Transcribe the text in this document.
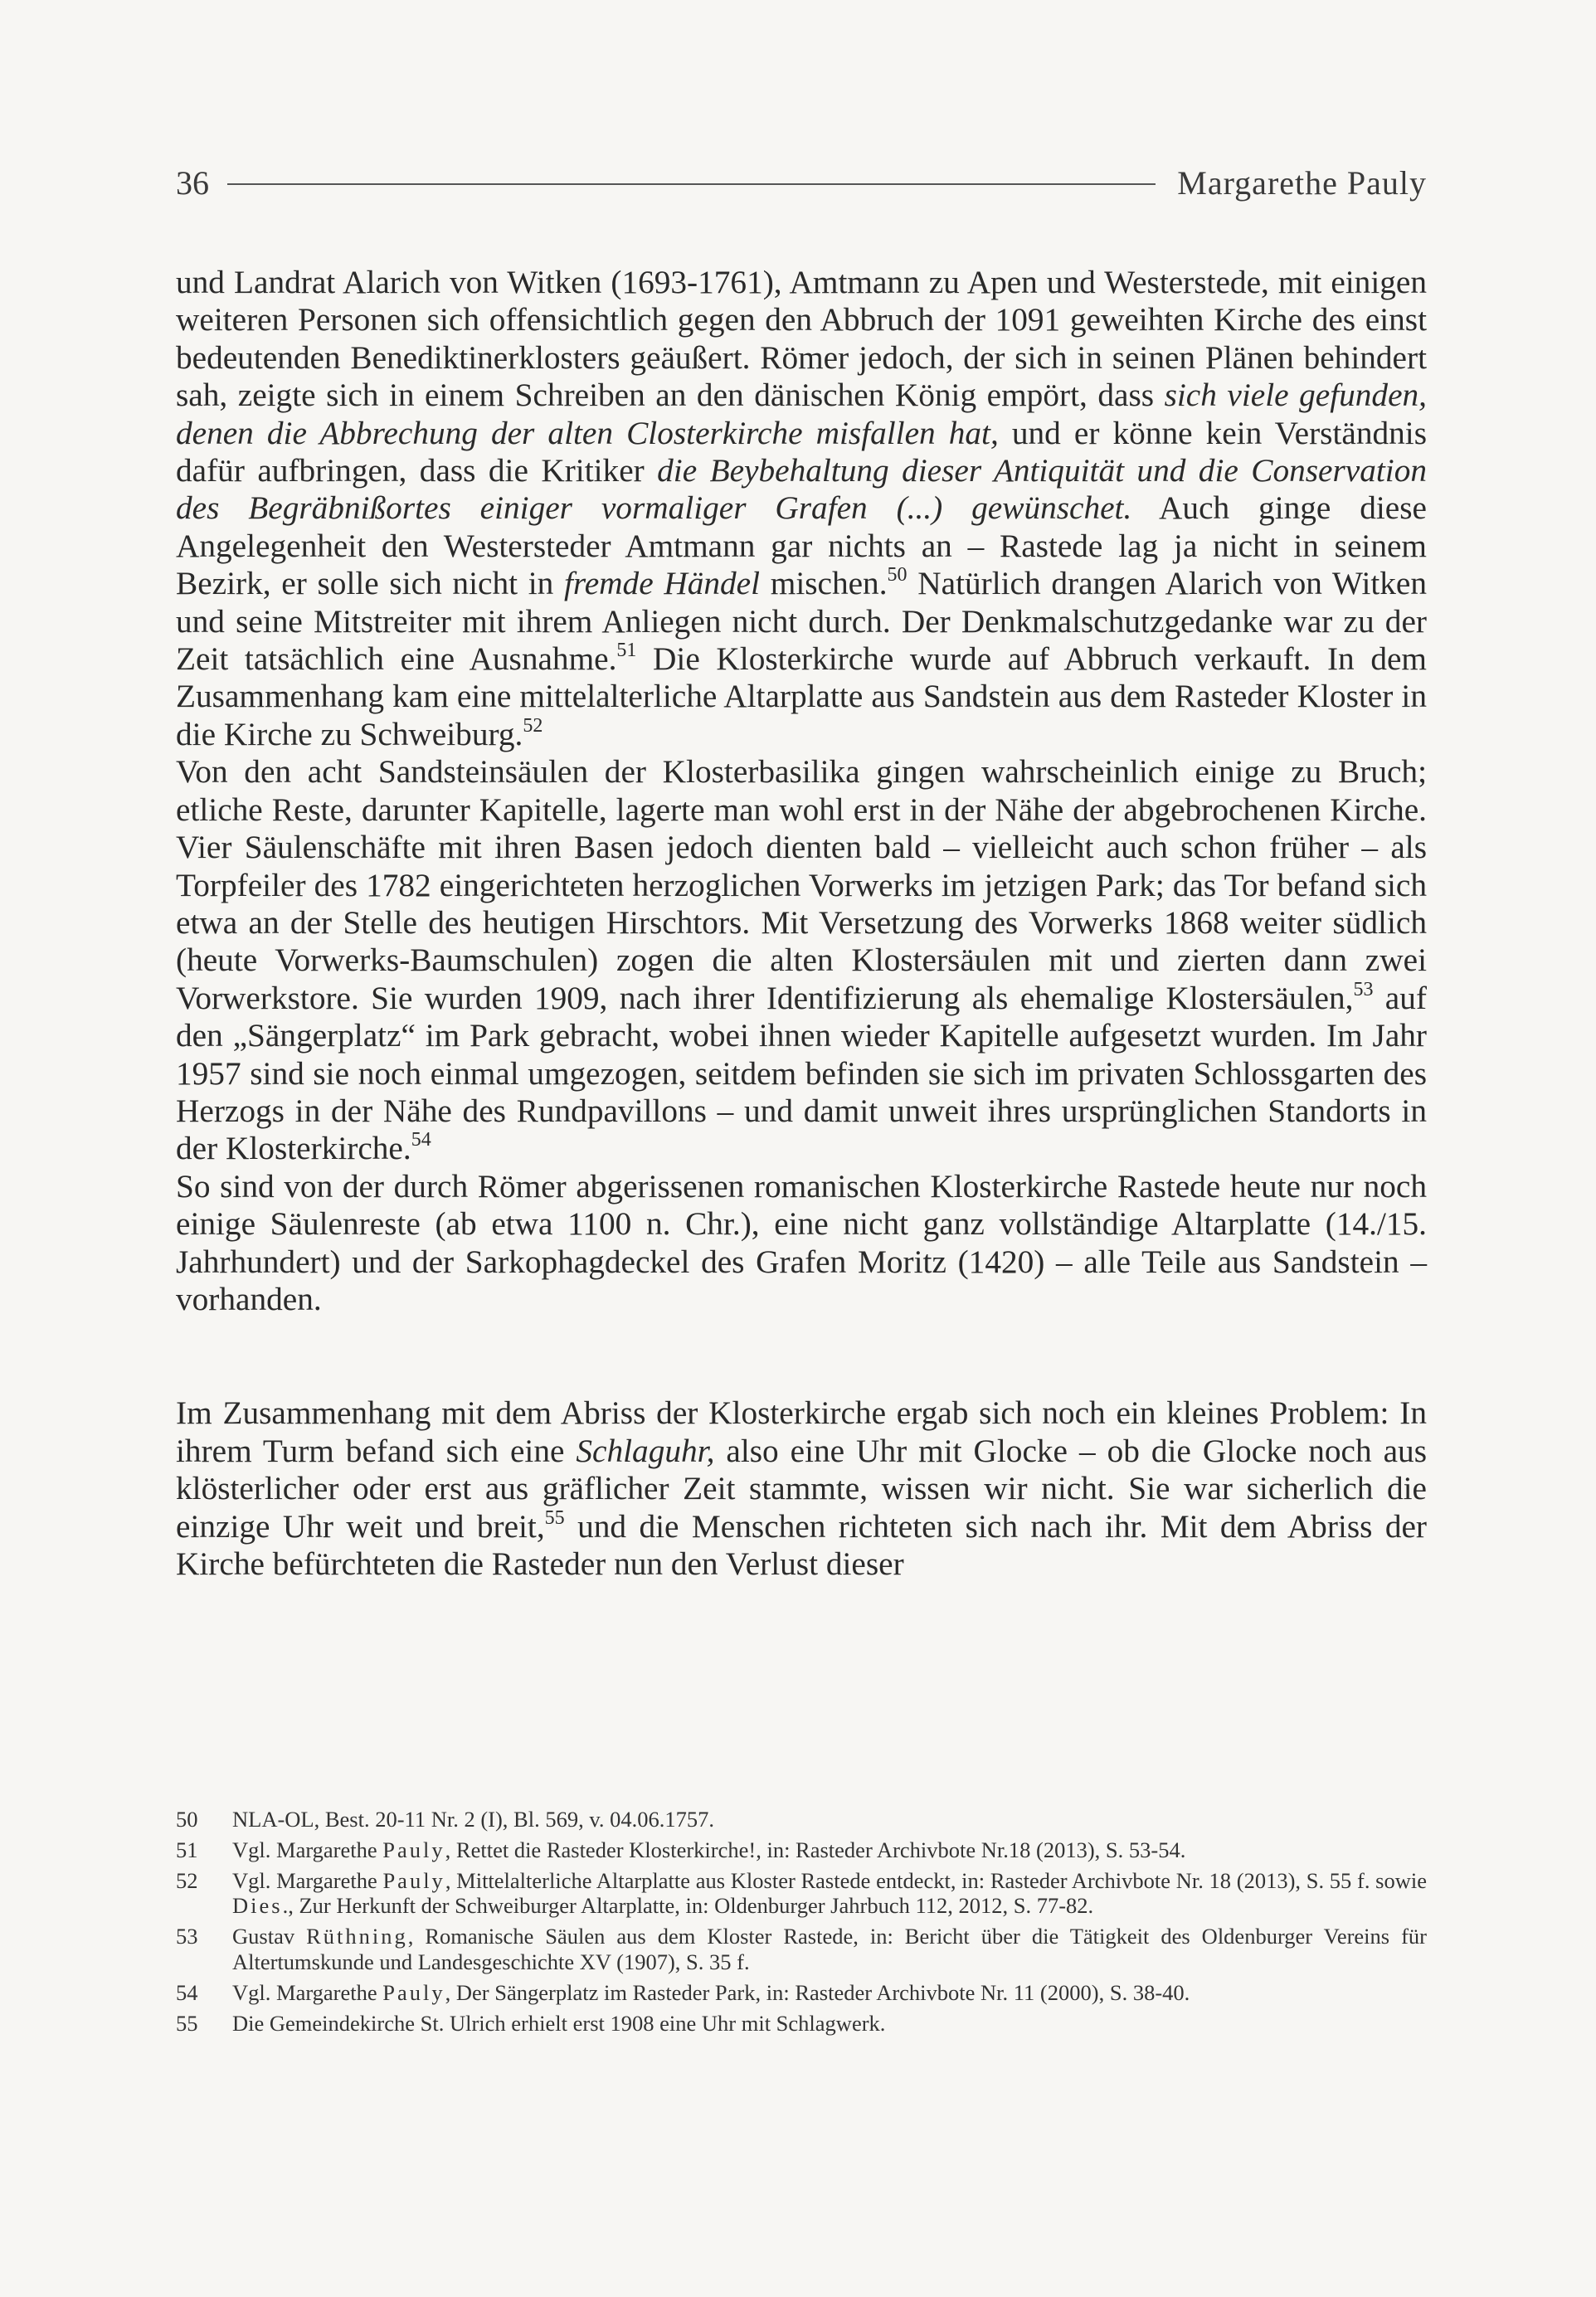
36	Margarethe Pauly

und Landrat Alarich von Witken (1693-1761), Amtmann zu Apen und Westerstede, mit einigen weiteren Personen sich offensichtlich gegen den Abbruch der 1091 geweihten Kirche des einst bedeutenden Benediktinerklosters geäußert. Römer jedoch, der sich in seinen Plänen behindert sah, zeigte sich in einem Schreiben an den dänischen König empört, dass sich viele gefunden, denen die Abbrechung der alten Closterkirche misfallen hat, und er könne kein Verständnis dafür aufbringen, dass die Kritiker die Beybehaltung dieser Antiquität und die Conservation des Begräbnißortes einiger vormaliger Grafen (...) gewünschet. Auch ginge diese Angelegenheit den Westersteder Amtmann gar nichts an – Rastede lag ja nicht in seinem Bezirk, er solle sich nicht in fremde Händel mischen.$^{50}$ Natürlich drangen Alarich von Witken und seine Mitstreiter mit ihrem Anliegen nicht durch. Der Denkmalschutzgedanke war zu der Zeit tatsächlich eine Ausnahme.$^{51}$ Die Klosterkirche wurde auf Abbruch verkauft. In dem Zusammenhang kam eine mittelalterliche Altarplatte aus Sandstein aus dem Rasteder Kloster in die Kirche zu Schweiburg.$^{52}$

Von den acht Sandsteinsäulen der Klosterbasilika gingen wahrscheinlich einige zu Bruch; etliche Reste, darunter Kapitelle, lagerte man wohl erst in der Nähe der abgebrochenen Kirche. Vier Säulenschäfte mit ihren Basen jedoch dienten bald – vielleicht auch schon früher – als Torpfeiler des 1782 eingerichteten herzoglichen Vorwerks im jetzigen Park; das Tor befand sich etwa an der Stelle des heutigen Hirschtors. Mit Versetzung des Vorwerks 1868 weiter südlich (heute Vorwerks-Baumschulen) zogen die alten Klostersäulen mit und zierten dann zwei Vorwerkstore. Sie wurden 1909, nach ihrer Identifizierung als ehemalige Klostersäulen,$^{53}$ auf den „Sängerplatz“ im Park gebracht, wobei ihnen wieder Kapitelle aufgesetzt wurden. Im Jahr 1957 sind sie noch einmal umgezogen, seitdem befinden sie sich im privaten Schlossgarten des Herzogs in der Nähe des Rundpavillons – und damit unweit ihres ursprünglichen Standorts in der Klosterkirche.$^{54}$

So sind von der durch Römer abgerissenen romanischen Klosterkirche Rastede heute nur noch einige Säulenreste (ab etwa 1100 n. Chr.), eine nicht ganz vollständige Altarplatte (14./15. Jahrhundert) und der Sarkophagdeckel des Grafen Moritz (1420) – alle Teile aus Sandstein – vorhanden.

Im Zusammenhang mit dem Abriss der Klosterkirche ergab sich noch ein kleines Problem: In ihrem Turm befand sich eine Schlaguhr, also eine Uhr mit Glocke – ob die Glocke noch aus klösterlicher oder erst aus gräflicher Zeit stammte, wissen wir nicht. Sie war sicherlich die einzige Uhr weit und breit,$^{55}$ und die Menschen richteten sich nach ihr. Mit dem Abriss der Kirche befürchteten die Rasteder nun den Verlust dieser

50	NLA-OL, Best. 20-11 Nr. 2 (I), Bl. 569, v. 04.06.1757.
51	Vgl. Margarethe Pauly, Rettet die Rasteder Klosterkirche!, in: Rasteder Archivbote Nr.18 (2013), S. 53-54.
52	Vgl. Margarethe Pauly, Mittelalterliche Altarplatte aus Kloster Rastede entdeckt, in: Rasteder Archivbote Nr. 18 (2013), S. 55 f. sowie Dies., Zur Herkunft der Schweiburger Altarplatte, in: Oldenburger Jahrbuch 112, 2012, S. 77-82.
53	Gustav Rüthning, Romanische Säulen aus dem Kloster Rastede, in: Bericht über die Tätigkeit des Oldenburger Vereins für Altertumskunde und Landesgeschichte XV (1907), S. 35 f.
54	Vgl. Margarethe Pauly, Der Sängerplatz im Rasteder Park, in: Rasteder Archivbote Nr. 11 (2000), S. 38-40.
55	Die Gemeindekirche St. Ulrich erhielt erst 1908 eine Uhr mit Schlagwerk.
